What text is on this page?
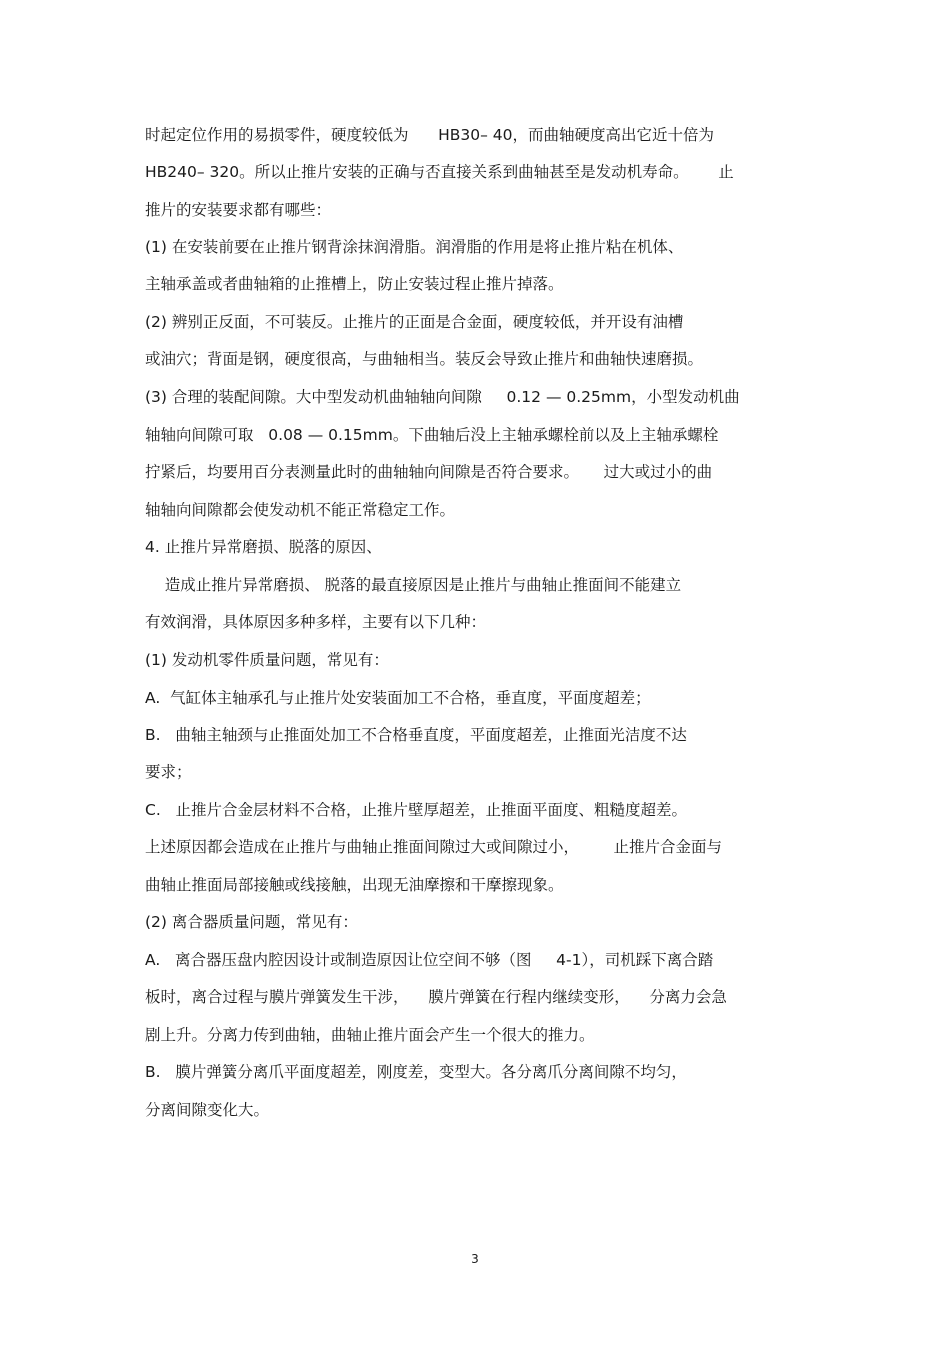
时起定位作用的易损零件，硬度较低为      HB30– 40，而曲轴硬度高出它近十倍为
HB240– 320。所以止推片安装的正确与否直接关系到曲轴甚至是发动机寿命。      止
推片的安装要求都有哪些：
(1) 在安装前要在止推片钢背涂抹润滑脂。润滑脂的作用是将止推片粘在机体、
主轴承盖或者曲轴箱的止推槽上，防止安装过程止推片掉落。
(2) 辨别正反面，不可装反。止推片的正面是合金面，硬度较低，并开设有油槽
或油穴；背面是钢，硬度很高，与曲轴相当。装反会导致止推片和曲轴快速磨损。
(3) 合理的装配间隙。大中型发动机曲轴轴向间隙     0.12 — 0.25mm，小型发动机曲
轴轴向间隙可取   0.08 — 0.15mm。下曲轴后没上主轴承螺栓前以及上主轴承螺栓
拧紧后，均要用百分表测量此时的曲轴轴向间隙是否符合要求。     过大或过小的曲
轴轴向间隙都会使发动机不能正常稳定工作。
4. 止推片异常磨损、脱落的原因、
造成止推片异常磨损、 脱落的最直接原因是止推片与曲轴止推面间不能建立
有效润滑，具体原因多种多样，主要有以下几种：
(1) 发动机零件质量问题，常见有：
A.  气缸体主轴承孔与止推片处安装面加工不合格，垂直度，平面度超差；
B.   曲轴主轴颈与止推面处加工不合格垂直度，平面度超差，止推面光洁度不达
要求；
C.   止推片合金层材料不合格，止推片壁厚超差，止推面平面度、粗糙度超差。
上述原因都会造成在止推片与曲轴止推面间隙过大或间隙过小，       止推片合金面与
曲轴止推面局部接触或线接触，出现无油摩擦和干摩擦现象。
(2) 离合器质量问题，常见有：
A.   离合器压盘内腔因设计或制造原因让位空间不够（图     4-1），司机踩下离合踏
板时，离合过程与膜片弹簧发生干涉，    膜片弹簧在行程内继续变形，    分离力会急
剧上升。分离力传到曲轴，曲轴止推片面会产生一个很大的推力。
B.   膜片弹簧分离爪平面度超差，刚度差，变型大。各分离爪分离间隙不均匀，
分离间隙变化大。
3
